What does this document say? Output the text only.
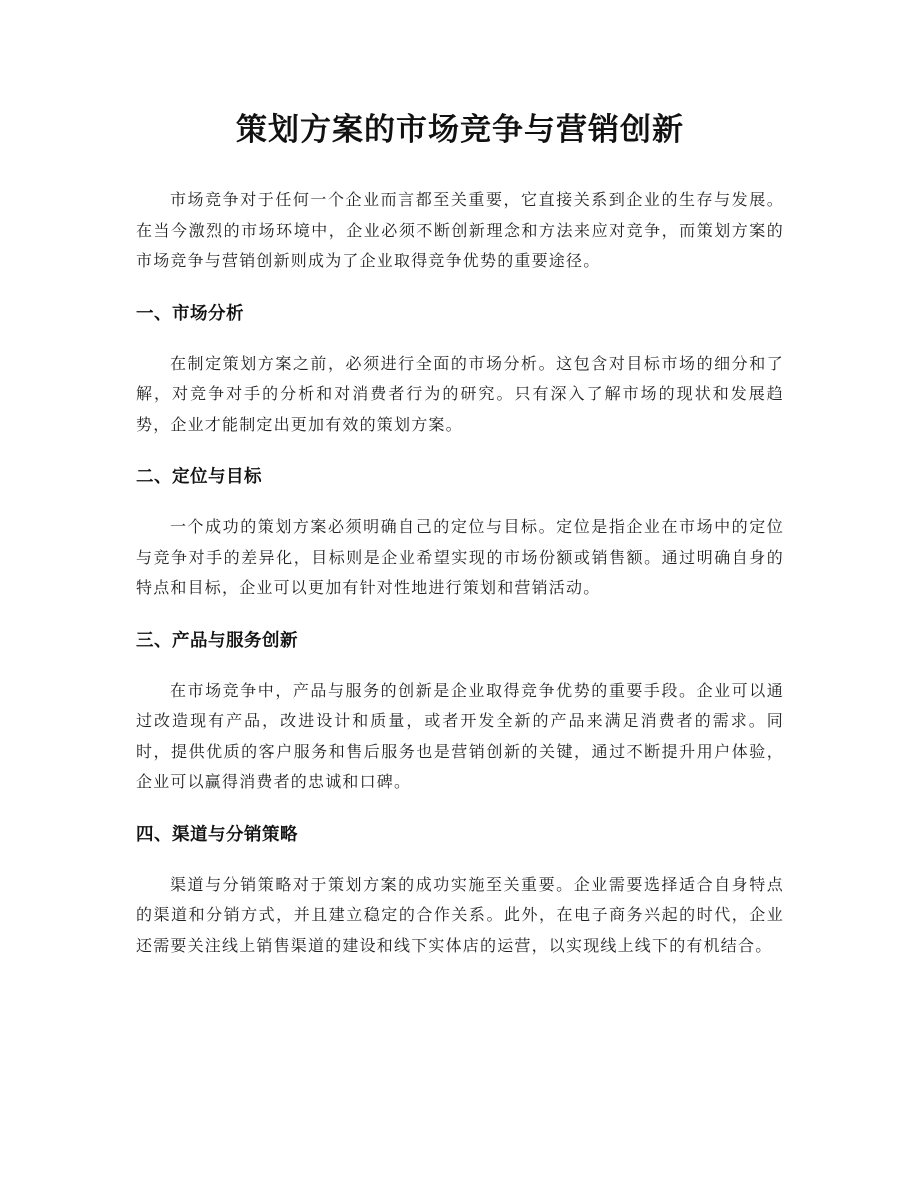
策划方案的市场竞争与营销创新

市场竞争对于任何一个企业而言都至关重要，它直接关系到企业的生存与发展。在当今激烈的市场环境中，企业必须不断创新理念和方法来应对竞争，而策划方案的市场竞争与营销创新则成为了企业取得竞争优势的重要途径。

一、市场分析

在制定策划方案之前，必须进行全面的市场分析。这包含对目标市场的细分和了解，对竞争对手的分析和对消费者行为的研究。只有深入了解市场的现状和发展趋势，企业才能制定出更加有效的策划方案。

二、定位与目标

一个成功的策划方案必须明确自己的定位与目标。定位是指企业在市场中的定位与竞争对手的差异化，目标则是企业希望实现的市场份额或销售额。通过明确自身的特点和目标，企业可以更加有针对性地进行策划和营销活动。

三、产品与服务创新

在市场竞争中，产品与服务的创新是企业取得竞争优势的重要手段。企业可以通过改造现有产品，改进设计和质量，或者开发全新的产品来满足消费者的需求。同时，提供优质的客户服务和售后服务也是营销创新的关键，通过不断提升用户体验，企业可以赢得消费者的忠诚和口碑。

四、渠道与分销策略

渠道与分销策略对于策划方案的成功实施至关重要。企业需要选择适合自身特点的渠道和分销方式，并且建立稳定的合作关系。此外，在电子商务兴起的时代，企业还需要关注线上销售渠道的建设和线下实体店的运营，以实现线上线下的有机结合。
